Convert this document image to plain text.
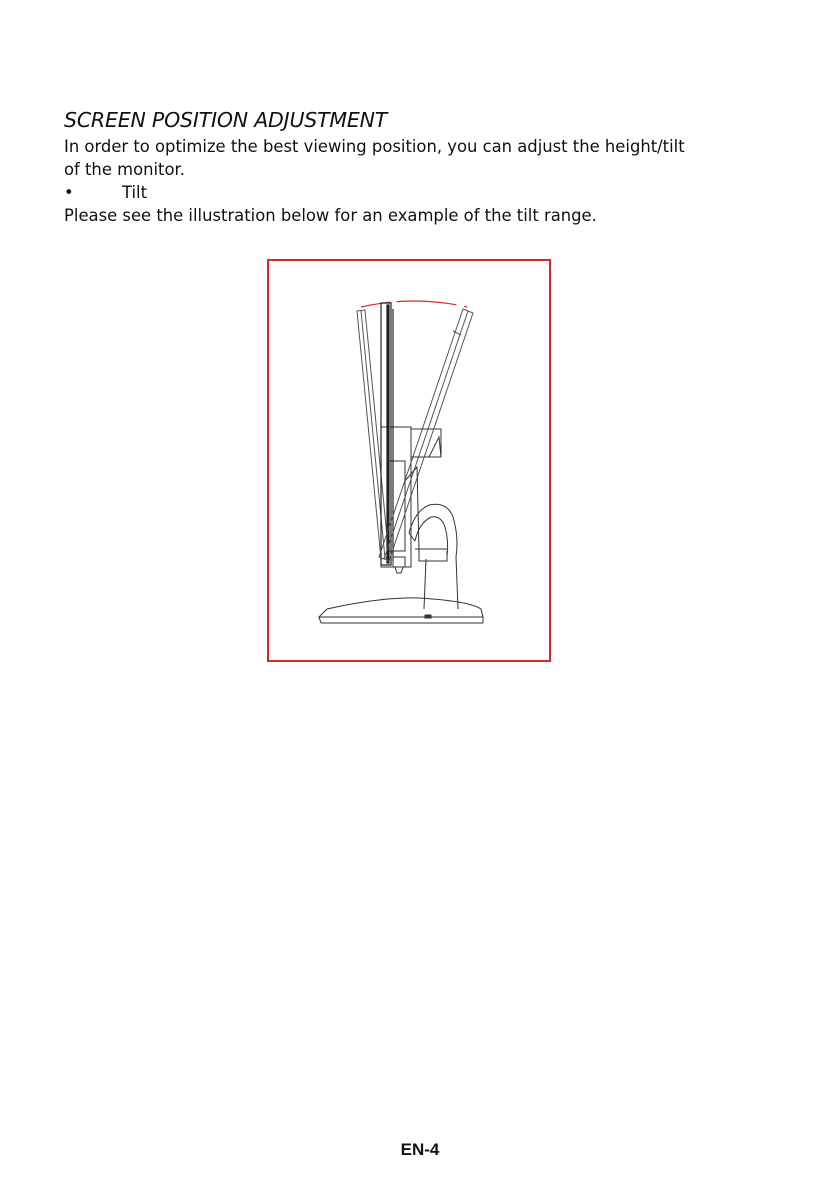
SCREEN POSITION ADJUSTMENT
In order to optimize the best viewing position, you can adjust the height/tilt
of the monitor.
•	Tilt
Please see the illustration below for an example of the tilt range.
EN-4
